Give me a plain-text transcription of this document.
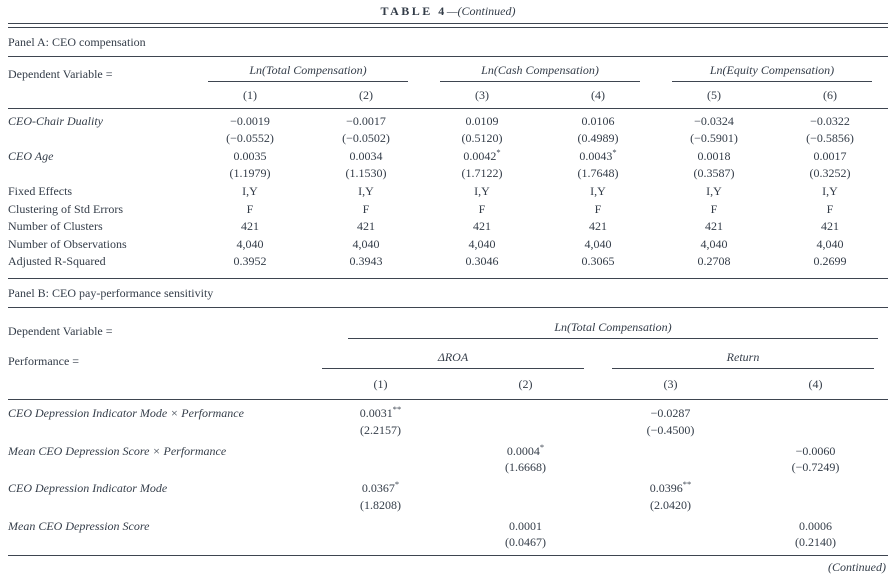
TABLE 4—(Continued)
Panel A: CEO compensation
Dependent Variable =	Ln(Total Compensation)		Ln(Cash Compensation)		Ln(Equity Compensation)	

	(1)	(2)	(3)	(4)	(5)	(6)
CEO-Chair Duality	−0.0019	−0.0017	0.0109	0.0106	−0.0324	−0.0322
	(−0.0552)	(−0.0502)	(0.5120)	(0.4989)	(−0.5901)	(−0.5856)
CEO Age	0.0035	0.0034	0.0042*	0.0043*	0.0018	0.0017
	(1.1979)	(1.1530)	(1.7122)	(1.7648)	(0.3587)	(0.3252)
Fixed Effects	I,Y	I,Y	I,Y	I,Y	I,Y	I,Y
Clustering of Std Errors	F	F	F	F	F	F
Number of Clusters	421	421	421	421	421	421
Number of Observations	4,040	4,040	4,040	4,040	4,040	4,040
Adjusted R-Squared	0.3952	0.3943	0.3046	0.3065	0.2708	0.2699
Panel B: CEO pay-performance sensitivity
Dependent Variable =	Ln(Total Compensation)			

Performance =	ΔROA		Return	

	(1)	(2)	(3)	(4)
CEO Depression Indicator Mode × Performance	0.0031**		−0.0287	
	(2.2157)		(−0.4500)	
Mean CEO Depression Score × Performance		0.0004*		−0.0060
		(1.6668)		(−0.7249)
CEO Depression Indicator Mode	0.0367*		0.0396**	
	(1.8208)		(2.0420)	
Mean CEO Depression Score		0.0001		0.0006
		(0.0467)		(0.2140)
(Continued)
